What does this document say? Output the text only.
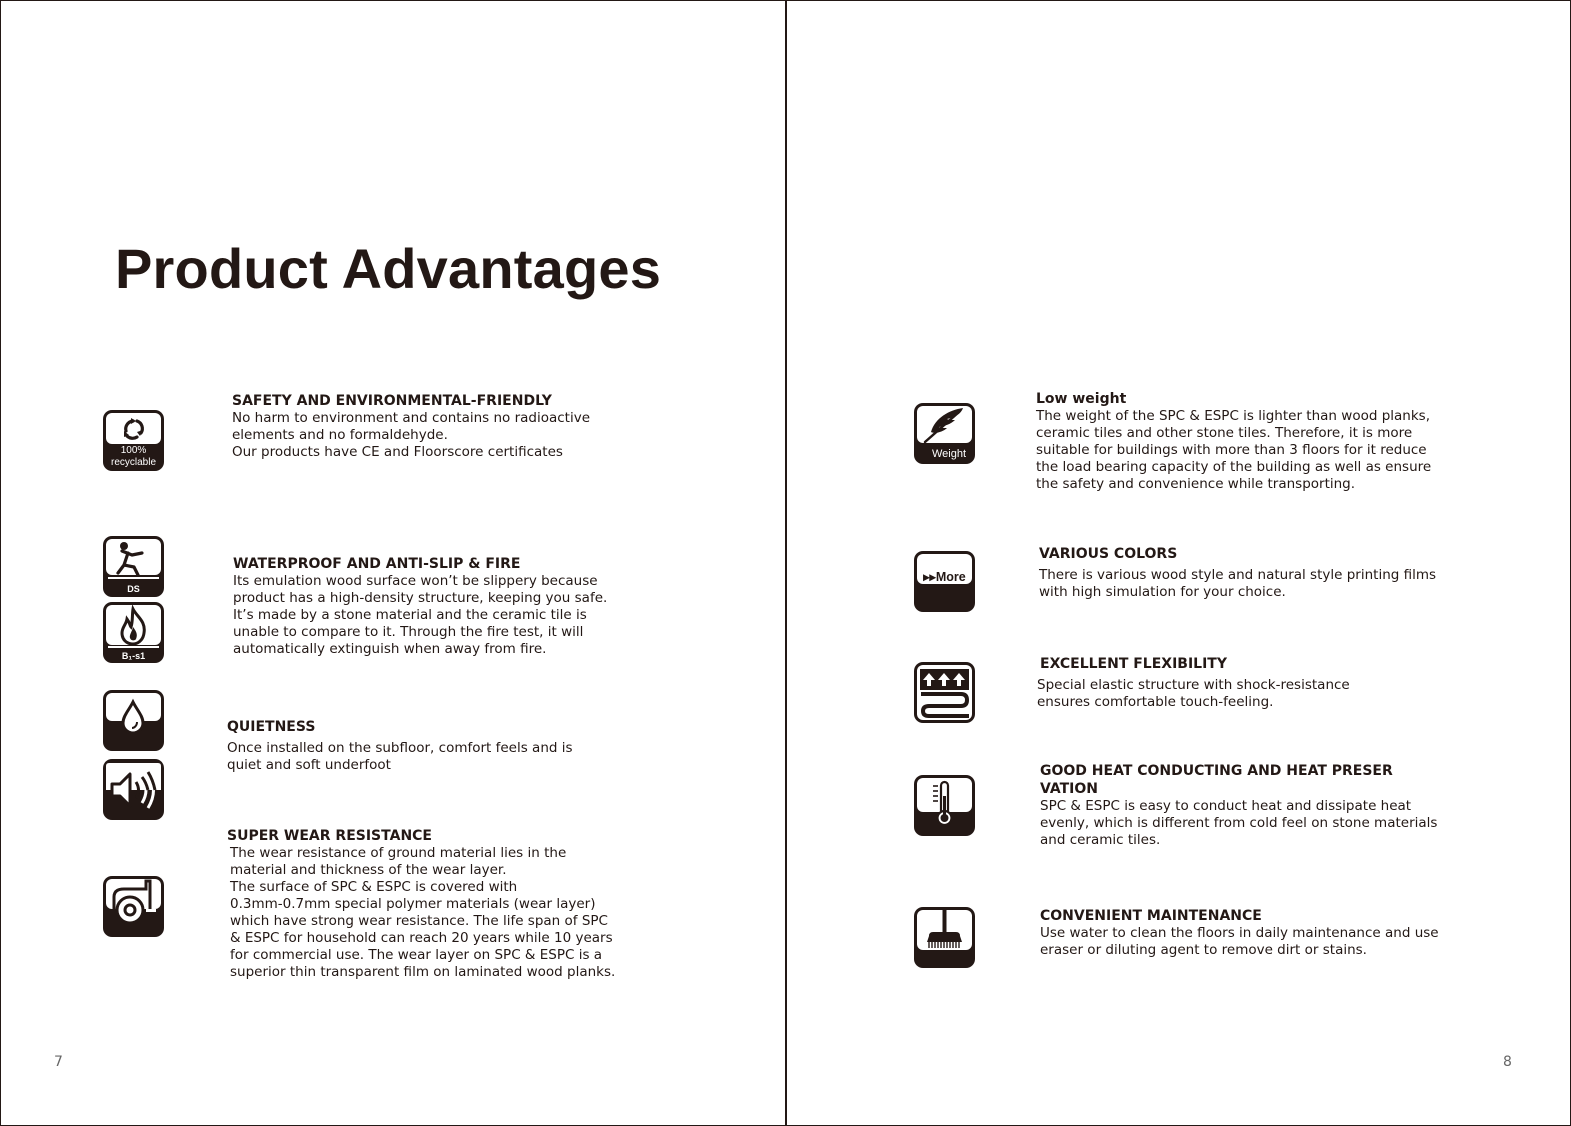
Product Advantages
100%
recyclable
DS
B₁-s1
SAFETY AND ENVIRONMENTAL-FRIENDLY

No harm to environment and contains no radioactive

elements and no formaldehyde.

Our products have CE and Floorscore certificates

WATERPROOF AND ANTI-SLIP & FIRE

Its emulation wood surface won’t be slippery because

product has a high-density structure, keeping you safe.

It’s made by a stone material and the ceramic tile is

unable to compare to it. Through the fire test, it will

automatically extinguish when away from fire.

QUIETNESS

Once installed on the subfloor, comfort feels and is

quiet and soft underfoot

SUPER WEAR RESISTANCE

The wear resistance of ground material lies in the

material and thickness of the wear layer.

The surface of SPC & ESPC is covered with

0.3mm-0.7mm special polymer materials (wear layer)

which have strong wear resistance. The life span of SPC

& ESPC for household can reach 20 years while 10 years

for commercial use. The wear layer on SPC & ESPC is a

superior thin transparent film on laminated wood planks.

Weight
▸▸More
Low weight

The weight of the SPC & ESPC is lighter than wood planks,

ceramic tiles and other stone tiles. Therefore, it is more

suitable for buildings with more than 3 floors for it reduce

the load bearing capacity of the building as well as ensure

the safety and convenience while transporting.

VARIOUS COLORS

There is various wood style and natural style printing films

with high simulation for your choice.

EXCELLENT FLEXIBILITY

Special elastic structure with shock-resistance

ensures comfortable touch-feeling.

GOOD HEAT CONDUCTING AND HEAT PRESER
VATION

SPC & ESPC is easy to conduct heat and dissipate heat

evenly, which is different from cold feel on stone materials

and ceramic tiles.

CONVENIENT MAINTENANCE

Use water to clean the floors in daily maintenance and use

eraser or diluting agent to remove dirt or stains.

7	8
